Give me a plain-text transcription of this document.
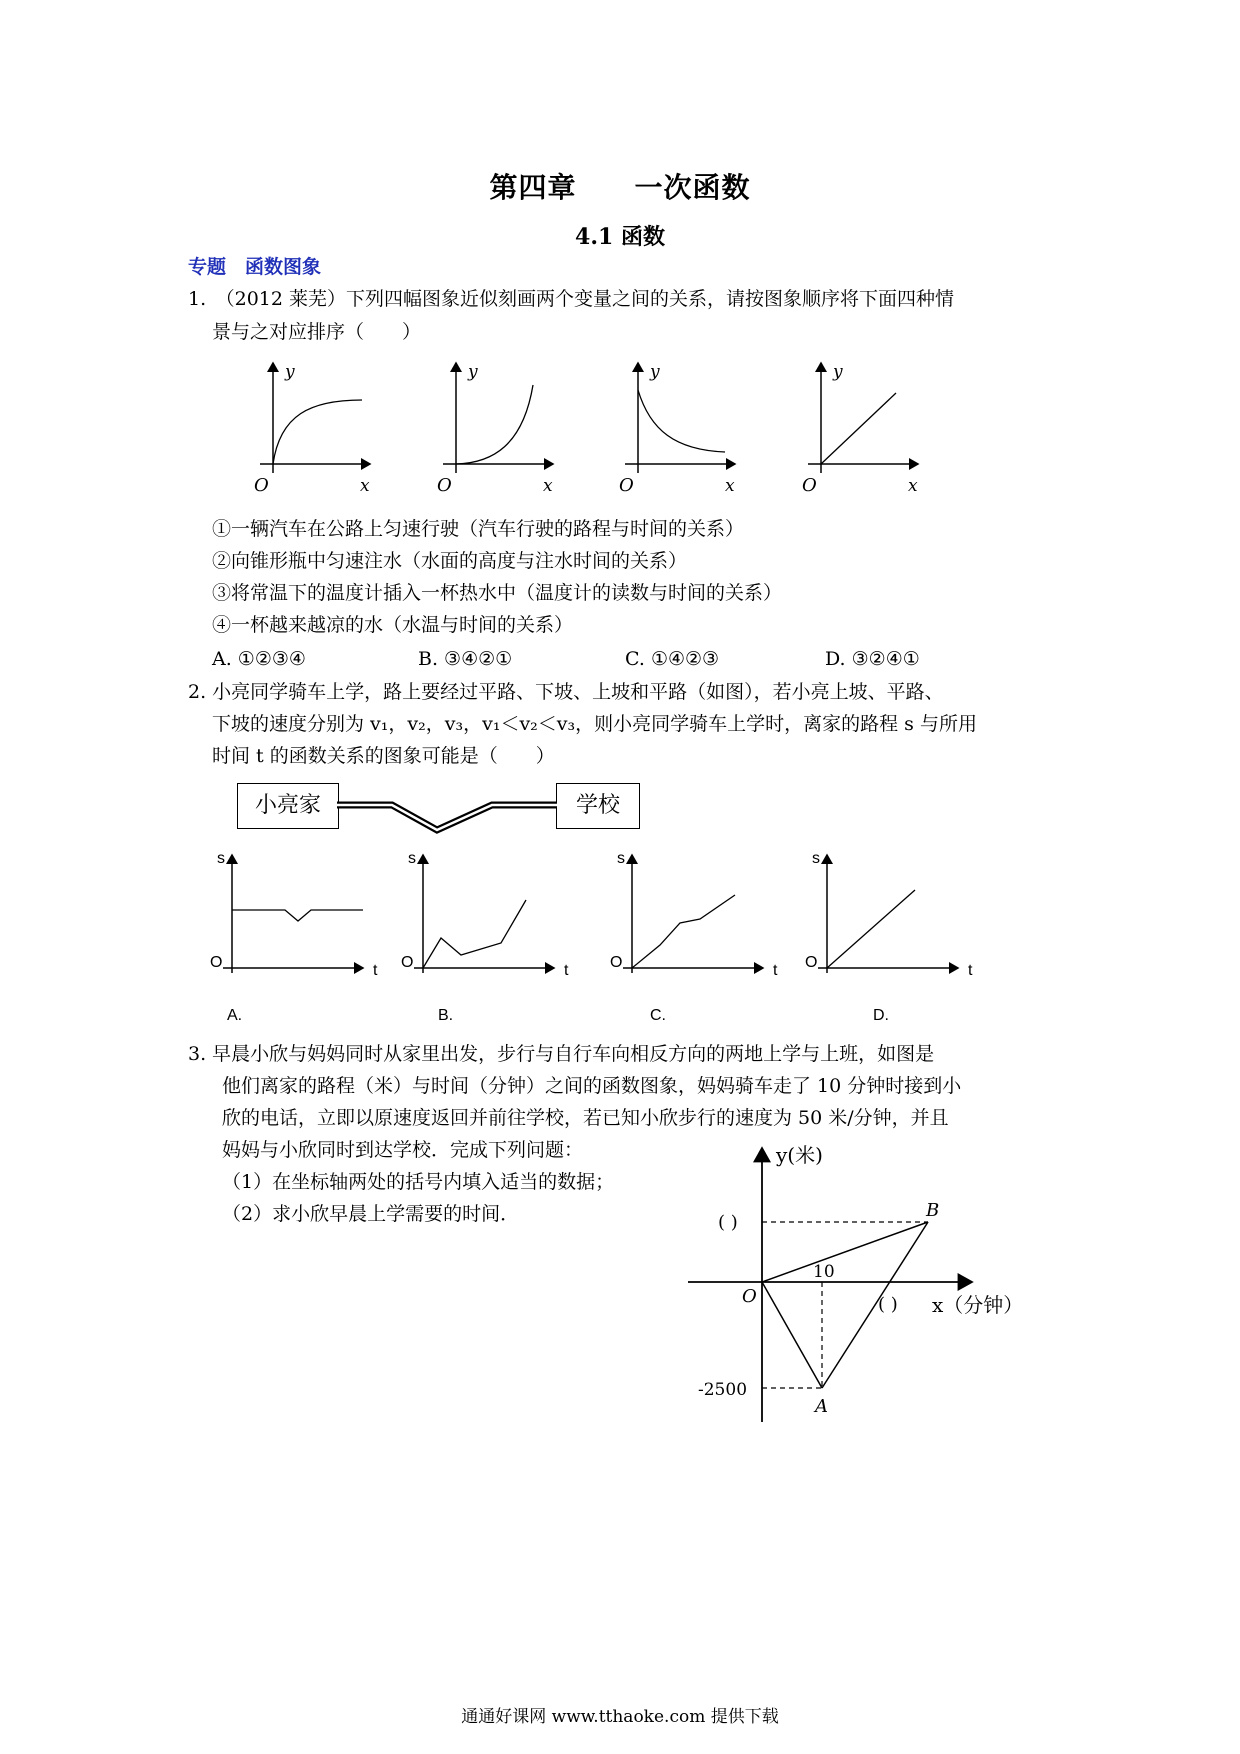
第四章　　一次函数
4.1 函数
专题　函数图象
1.　（2012 莱芜）下列四幅图象近似刻画两个变量之间的关系，请按图象顺序将下面四种情
景与之对应排序（　　）
y
O	x
y
O	x
y
O	x
y
O	x
①一辆汽车在公路上匀速行驶（汽车行驶的路程与时间的关系）
②向锥形瓶中匀速注水（水面的高度与注水时间的关系）
③将常温下的温度计插入一杯热水中（温度计的读数与时间的关系）
④一杯越来越凉的水（水温与时间的关系）
A. ①②③④	B. ③④②①	C. ①④②③	D. ③②④①
2. 小亮同学骑车上学，路上要经过平路、下坡、上坡和平路（如图），若小亮上坡、平路、
下坡的速度分别为 v₁，v₂，v₃，v₁＜v₂＜v₃，则小亮同学骑车上学时，离家的路程 s 与所用
时间 t 的函数关系的图象可能是（　　）
小亮家	学校
s
O	t
s
O	t
s
O	t
s
O	t
A.	B.	C.	D.
3. 早晨小欣与妈妈同时从家里出发，步行与自行车向相反方向的两地上学与上班，如图是
他们离家的路程（米）与时间（分钟）之间的函数图象，妈妈骑车走了 10 分钟时接到小
欣的电话，立即以原速度返回并前往学校，若已知小欣步行的速度为 50 米/分钟，并且
妈妈与小欣同时到达学校．完成下列问题：
（1）在坐标轴两处的括号内填入适当的数据；
（2）求小欣早晨上学需要的时间．
y(米)
x（分钟）
O
10
-2500
( )
( )
A
B
通通好课网 www.tthaoke.com 提供下载
